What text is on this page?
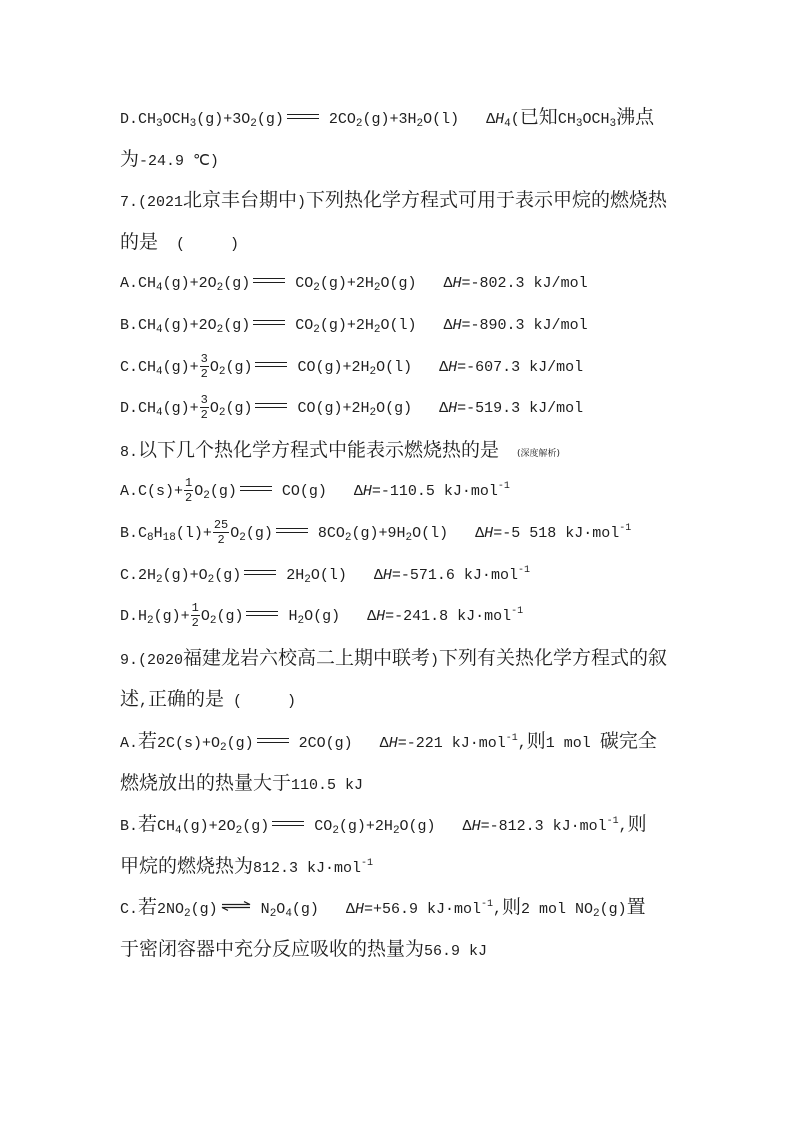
$D.CH_3OCH_3(g)+3O_2(g)$ $2CO_2(g)+3H_2O(l)$   $\Delta H_4$(已知$CH_3OCH_3$沸点
为-24.9 ℃)
7.(2021北京丰台期中)下列热化学方程式可用于表示甲烷的燃烧热
的是  (     )
$A.CH_4(g)+2O_2(g)$ $CO_2(g)+2H_2O(g)$   ΔH=-802.3 kJ/mol
$B.CH_4(g)+2O_2(g)$ $CO_2(g)+2H_2O(l)$   ΔH=-890.3 kJ/mol
$C.CH_4(g)+ \frac{3}{2} O_2(g)$ $CO(g)+2H_2O(l)$   ΔH=-607.3 kJ/mol
$D.CH_4(g)+ \frac{3}{2} O_2(g)$ $CO(g)+2H_2O(g)$   ΔH=-519.3 kJ/mol
8.以下几个热化学方程式中能表示燃烧热的是 (深度解析)
$A.C(s)+ \frac{1}{2} O_2(g)$ CO(g)   ΔH=-110.5 kJ·mol$^{-1}$
$B.C_8H_{18}(l)+ \frac{25}{2} O_2(g)$ $8CO_2(g)+9H_2O(l)$   ΔH=-5 518 kJ·mol$^{-1}$
$C.2H_2(g)+O_2(g)$ $2H_2O(l)$   ΔH=-571.6 kJ·mol$^{-1}$
$D.H_2(g)+ \frac{1}{2} O_2(g)$ $H_2O(g)$   ΔH=-241.8 kJ·mol$^{-1}$
9.(2020福建龙岩六校高二上期中联考)下列有关热化学方程式的叙
述,正确的是 (     )
A.若$2C(s)+O_2(g)$ 2CO(g)   ΔH=-221 kJ·mol$^{-1}$,则1 mol 碳完全
燃烧放出的热量大于110.5 kJ
B.若$CH_4(g)+2O_2(g)$ $CO_2(g)+2H_2O(g)$   ΔH=-812.3 kJ·mol$^{-1}$,则
甲烷的燃烧热为812.3 kJ·mol$^{-1}$
C.若$2NO_2(g)$ ⇌ $N_2O_4(g)$   ΔH=+56.9 kJ·mol$^{-1}$,则2 mol $NO_2(g)$置
于密闭容器中充分反应吸收的热量为56.9 kJ
